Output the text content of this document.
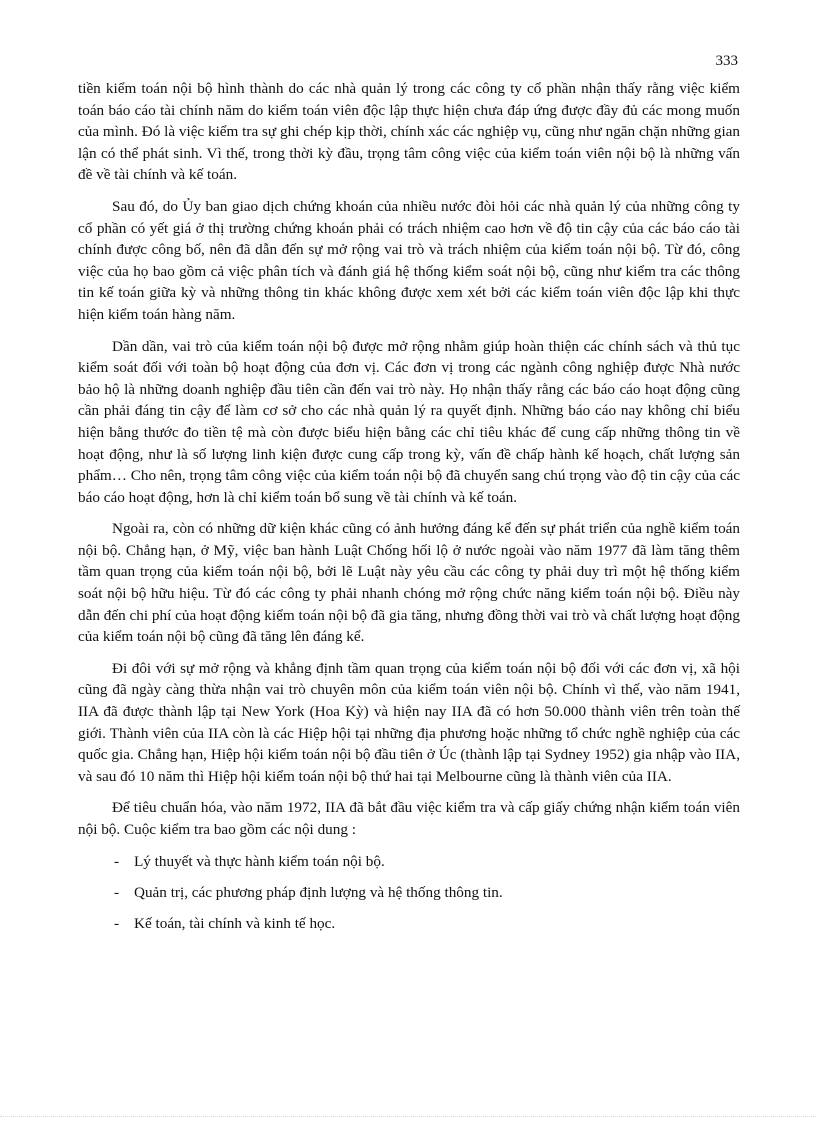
333

tiền kiểm toán nội bộ hình thành do các nhà quản lý trong các công ty cổ phần nhận thấy rằng việc kiểm toán báo cáo tài chính năm do kiểm toán viên độc lập thực hiện chưa đáp ứng được đầy đủ các mong muốn của mình. Đó là việc kiểm tra sự ghi chép kịp thời, chính xác các nghiệp vụ, cũng như ngăn chặn những gian lận có thể phát sinh. Vì thế, trong thời kỳ đầu, trọng tâm công việc của kiểm toán viên nội bộ là những vấn đề về tài chính và kế toán.

Sau đó, do Ủy ban giao dịch chứng khoán của nhiều nước đòi hỏi các nhà quản lý của những công ty cổ phần có yết giá ở thị trường chứng khoán phải có trách nhiệm cao hơn về độ tin cậy của các báo cáo tài chính được công bố, nên đã dẫn đến sự mở rộng vai trò và trách nhiệm của kiểm toán nội bộ. Từ đó, công việc của họ bao gồm cả việc phân tích và đánh giá hệ thống kiểm soát nội bộ, cũng như kiểm tra các thông tin kế toán giữa kỳ và những thông tin khác không được xem xét bởi các kiểm toán viên độc lập khi thực hiện kiểm toán hàng năm.

Dần dần, vai trò của kiểm toán nội bộ được mở rộng nhằm giúp hoàn thiện các chính sách và thủ tục kiểm soát đối với toàn bộ hoạt động của đơn vị. Các đơn vị trong các ngành công nghiệp được Nhà nước bảo hộ là những doanh nghiệp đầu tiên cần đến vai trò này. Họ nhận thấy rằng các báo cáo hoạt động cũng cần phải đáng tin cậy để làm cơ sở cho các nhà quản lý ra quyết định. Những báo cáo nay không chỉ biểu hiện bằng thước đo tiền tệ mà còn được biểu hiện bằng các chỉ tiêu khác để cung cấp những thông tin về hoạt động, như là số lượng linh kiện được cung cấp trong kỳ, vấn đề chấp hành kế hoạch, chất lượng sản phẩm… Cho nên, trọng tâm công việc của kiểm toán nội bộ đã chuyển sang chú trọng vào độ tin cậy của các báo cáo hoạt động, hơn là chỉ kiểm toán bổ sung về tài chính và kế toán.

Ngoài ra, còn có những dữ kiện khác cũng có ảnh hưởng đáng kể đến sự phát triển của nghề kiểm toán nội bộ. Chẳng hạn, ở Mỹ, việc ban hành Luật Chống hối lộ ở nước ngoài vào năm 1977 đã làm tăng thêm tầm quan trọng của kiểm toán nội bộ, bởi lẽ Luật này yêu cầu các công ty phải duy trì một hệ thống kiểm soát nội bộ hữu hiệu. Từ đó các công ty phải nhanh chóng mở rộng chức năng kiểm toán nội bộ. Điều này dẫn đến chi phí của hoạt động kiểm toán nội bộ đã gia tăng, nhưng đồng thời vai trò và chất lượng hoạt động của kiểm toán nội bộ cũng đã tăng lên đáng kể.

Đi đôi với sự mở rộng và khẳng định tầm quan trọng của kiểm toán nội bộ đối với các đơn vị, xã hội cũng đã ngày càng thừa nhận vai trò chuyên môn của kiểm toán viên nội bộ. Chính vì thế, vào năm 1941, IIA đã được thành lập tại New York (Hoa Kỳ) và hiện nay IIA đã có hơn 50.000 thành viên trên toàn thế giới. Thành viên của IIA còn là các Hiệp hội tại những địa phương hoặc những tổ chức nghề nghiệp của các quốc gia. Chẳng hạn, Hiệp hội kiểm toán nội bộ đầu tiên ở Úc (thành lập tại Sydney 1952) gia nhập vào IIA, và sau đó 10 năm thì Hiệp hội kiểm toán nội bộ thứ hai tại Melbourne cũng là thành viên của IIA.

Để tiêu chuẩn hóa, vào năm 1972, IIA đã bắt đầu việc kiểm tra và cấp giấy chứng nhận kiểm toán viên nội bộ. Cuộc kiểm tra bao gồm các nội dung :

- Lý thuyết và thực hành kiểm toán nội bộ.
- Quản trị, các phương pháp định lượng và hệ thống thông tin.
- Kế toán, tài chính và kinh tế học.
